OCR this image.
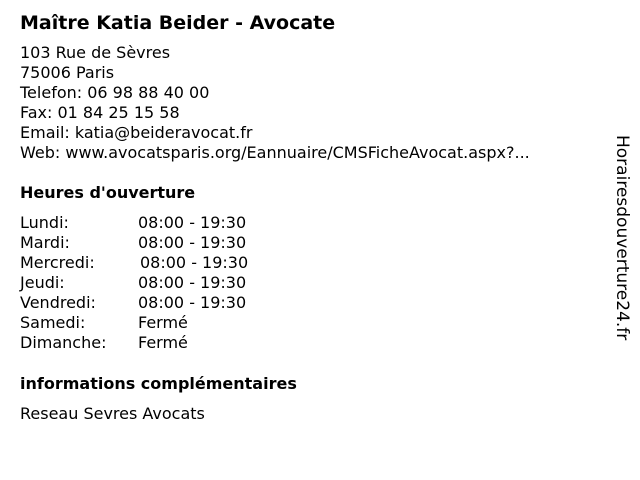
Maître Katia Beider - Avocate
103 Rue de Sèvres
75006 Paris
Telefon: 06 98 88 40 00
Fax: 01 84 25 15 58
Email: katia@beideravocat.fr
Web: www.avocatsparis.org/Eannuaire/CMSFicheAvocat.aspx?...
Heures d'ouverture
Lundi:	08:00 - 19:30
Mardi:	08:00 - 19:30
Mercredi:	08:00 - 19:30
Jeudi:	08:00 - 19:30
Vendredi:	08:00 - 19:30
Samedi:	Fermé
Dimanche: Fermé
informations complémentaires
Reseau Sevres Avocats
Horairesdouverture24.fr
